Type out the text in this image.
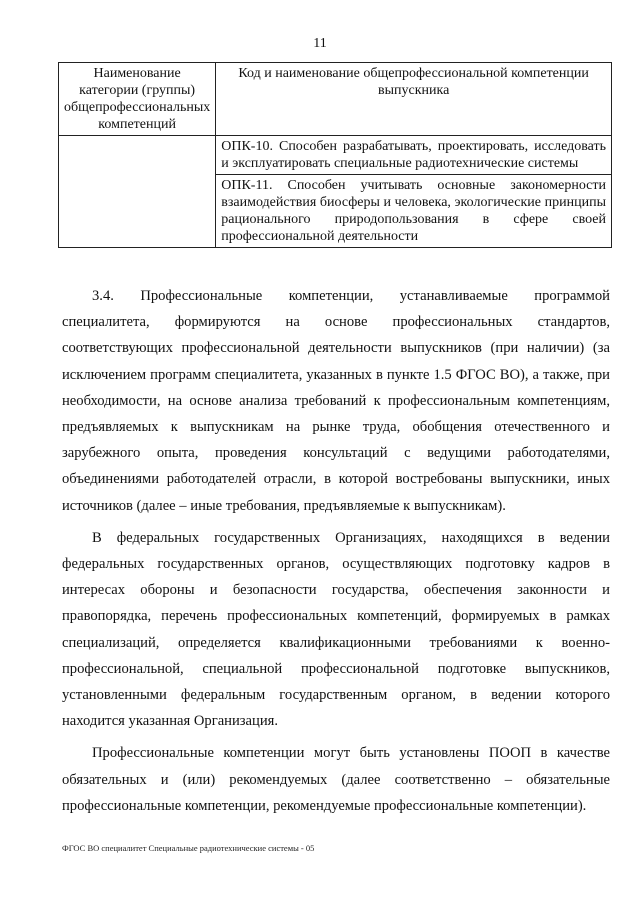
11
Наименование категории (группы) общепрофессиональных компетенций	Код и наименование общепрофессиональной компетенции выпускника
	ОПК-10. Способен разрабатывать, проектировать, исследовать и эксплуатировать специальные радиотехнические системы
	ОПК-11. Способен учитывать основные закономерности взаимодействия биосферы и человека, экологические принципы рационального природопользования в сфере своей профессиональной деятельности

3.4. Профессиональные компетенции, устанавливаемые программой специалитета, формируются на основе профессиональных стандартов, соответствующих профессиональной деятельности выпускников (при наличии) (за исключением программ специалитета, указанных в пункте 1.5 ФГОС ВО), а также, при необходимости, на основе анализа требований к профессиональным компетенциям, предъявляемых к выпускникам на рынке труда, обобщения отечественного и зарубежного опыта, проведения консультаций с ведущими работодателями, объединениями работодателей отрасли, в которой востребованы выпускники, иных источников (далее – иные требования, предъявляемые к выпускникам).

В федеральных государственных Организациях, находящихся в ведении федеральных государственных органов, осуществляющих подготовку кадров в интересах обороны и безопасности государства, обеспечения законности и правопорядка, перечень профессиональных компетенций, формируемых в рамках специализаций, определяется квалификационными требованиями к военно-профессиональной, специальной профессиональной подготовке выпускников, установленными федеральным государственным органом, в ведении которого находится указанная Организация.

Профессиональные компетенции могут быть установлены ПООП в качестве обязательных и (или) рекомендуемых (далее соответственно – обязательные профессиональные компетенции, рекомендуемые профессиональные компетенции).

ФГОС ВО специалитет Специальные радиотехнические системы - 05
